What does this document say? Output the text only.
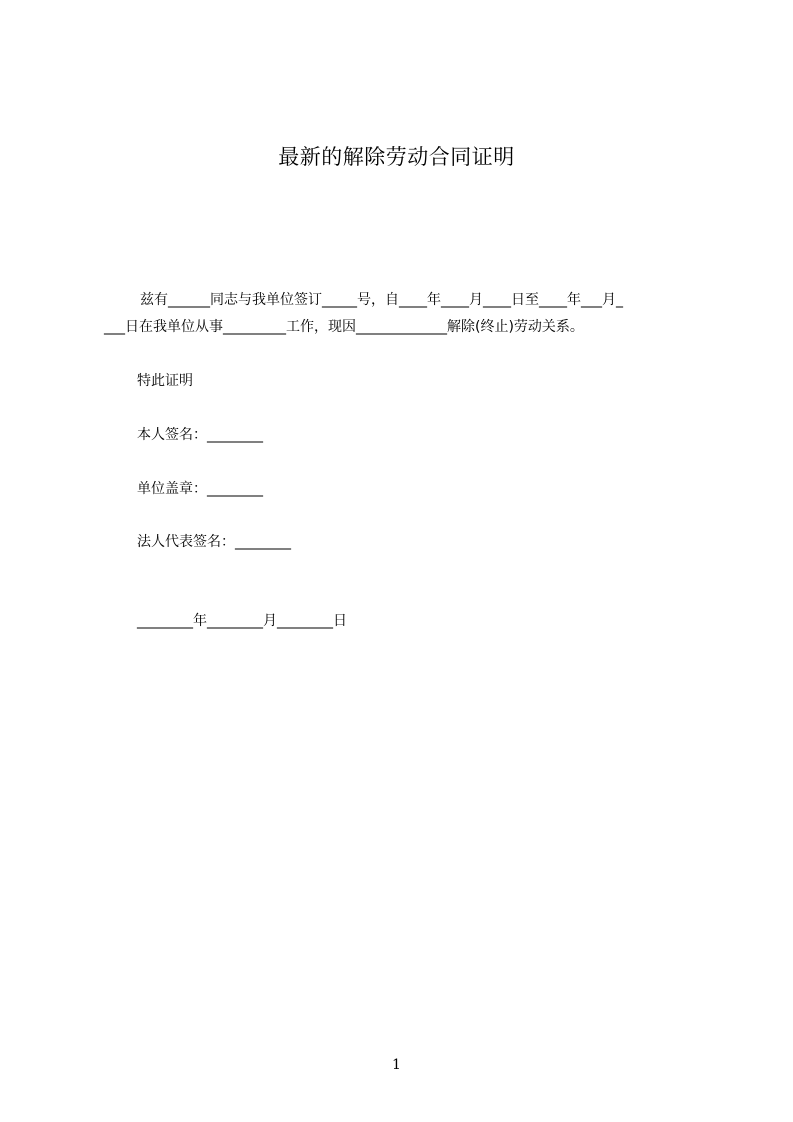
最新的解除劳动合同证明
兹有______同志与我单位签订_____号，自____年____月____日至____年___月_
___日在我单位从事_________工作，现因_____________解除(终止)劳动关系。
特此证明
本人签名：________
单位盖章：________
法人代表签名：________
________年________月________日
1
